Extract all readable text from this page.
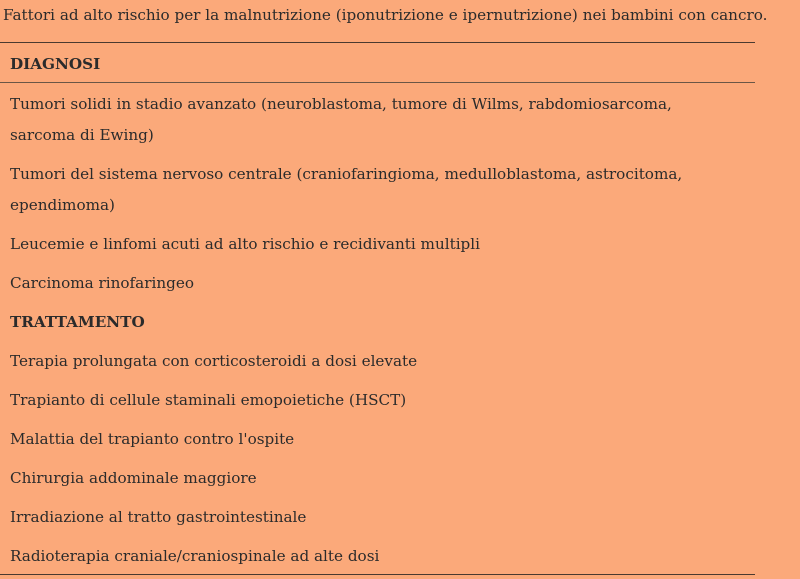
Fattori ad alto rischio per la malnutrizione (iponutrizione e ipernutrizione) nei bambini con cancro.
DIAGNOSI
Tumori solidi in stadio avanzato (neuroblastoma, tumore di Wilms, rabdomiosarcoma, sarcoma di Ewing)
Tumori del sistema nervoso centrale (craniofaringioma, medulloblastoma, astrocitoma, ependimoma)
Leucemie e linfomi acuti ad alto rischio e recidivanti multipli
Carcinoma rinofaringeo
TRATTAMENTO
Terapia prolungata con corticosteroidi a dosi elevate
Trapianto di cellule staminali emopoietiche (HSCT)
Malattia del trapianto contro l'ospite
Chirurgia addominale maggiore
Irradiazione al tratto gastrointestinale
Radioterapia craniale/craniospinale ad alte dosi
